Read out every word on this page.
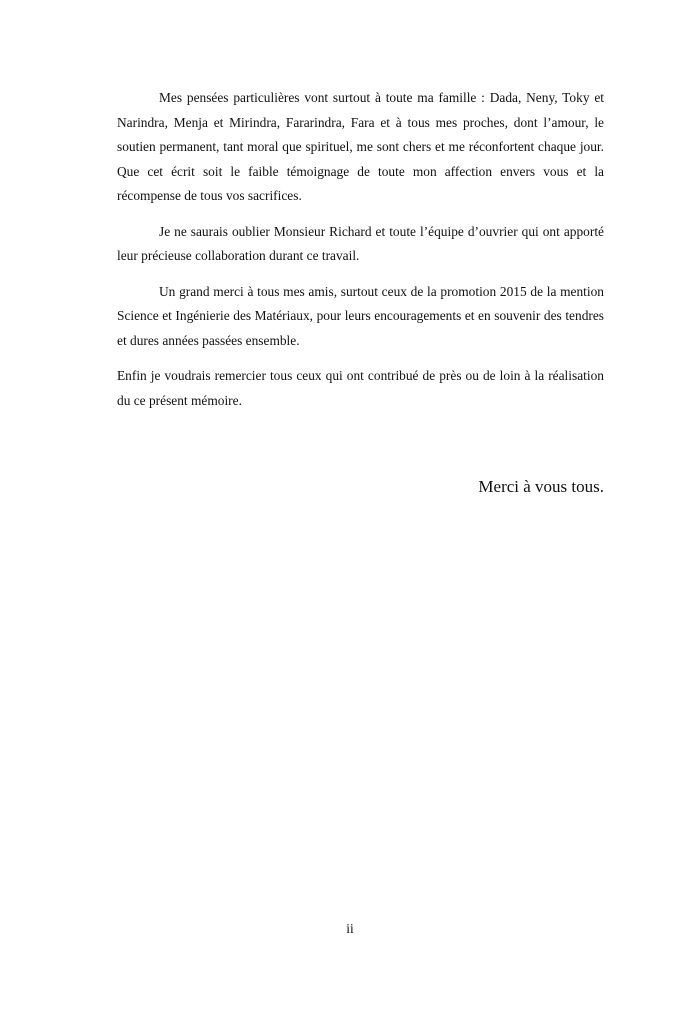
Mes pensées particulières vont surtout à toute ma famille : Dada, Neny, Toky et Narindra, Menja et Mirindra, Fararindra, Fara et à tous mes proches, dont l’amour, le soutien permanent, tant moral que spirituel, me sont chers et me réconfortent chaque jour. Que cet écrit soit le faible témoignage de toute mon affection envers vous et la récompense de tous vos sacrifices.

Je ne saurais oublier Monsieur Richard et toute l’équipe d’ouvrier qui ont apporté leur précieuse collaboration durant ce travail.

Un grand merci à tous mes amis, surtout ceux de la promotion 2015 de la mention Science et Ingénierie des Matériaux, pour leurs encouragements et en souvenir des tendres et dures années passées ensemble.

Enfin je voudrais remercier tous ceux qui ont contribué de près ou de loin à la réalisation du ce présent mémoire.

Merci à vous tous.
ii
